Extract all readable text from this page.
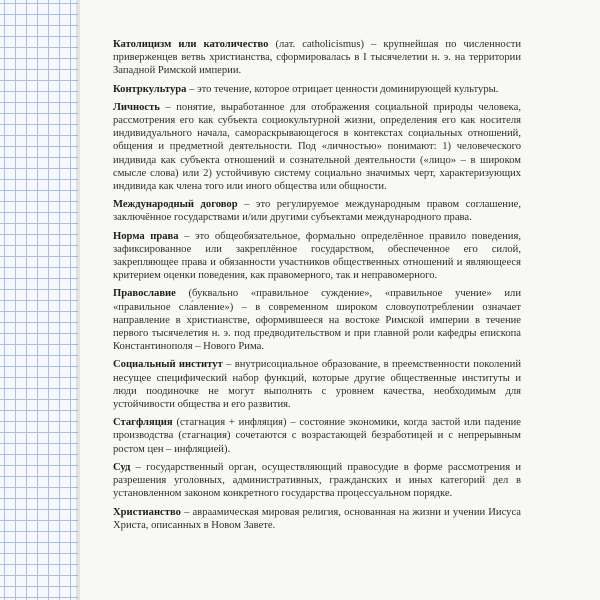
Католицизм или католичество (лат. catholicismus) – крупнейшая по численности приверженцев ветвь христианства, сформировалась в I тысячелетии н. э. на территории Западной Римской империи.

Контркультура – это течение, которое отрицает ценности доминирующей культуры.

Личность – понятие, выработанное для отображения социальной природы человека, рассмотрения его как субъекта социокультурной жизни, определения его как носителя индивидуального начала, самораскрывающегося в контекстах социальных отношений, общения и предметной деятельности. Под «личностью» понимают: 1) человеческого индивида как субъекта отношений и сознательной деятельности («лицо» – в широком смысле слова) или 2) устойчивую систему социально значимых черт, характеризующих индивида как члена того или иного общества или общности.

Международный договор – это регулируемое международным правом соглашение, заключённое государствами и/или другими субъектами международного права.

Норма права – это общеобязательное, формально определённое правило поведения, зафиксированное или закреплённое государством, обеспеченное его силой, закрепляющее права и обязанности участников общественных отношений и являющееся критерием оценки поведения, как правомерного, так и неправомерного.

Православие (буквально «правильное суждение», «правильное учение» или «правильное сла́вление») – в современном широком словоупотреблении означает направление в христианстве, оформившееся на востоке Римской империи в течение первого тысячелетия н. э. под предводительством и при главной роли кафедры епископа Константинополя – Нового Рима.

Социальный институт – внутрисоциальное образование, в преемственности поколений несущее специфический набор функций, которые другие общественные институты и люди поодиночке не могут выполнять с уровнем качества, необходимым для устойчивости общества и его развития.

Стагфляция (стагнация + инфляция) – состояние экономики, когда застой или падение производства (стагнация) сочетаются с возрастающей безработицей и с непрерывным ростом цен – инфляцией).

Суд – государственный орган, осуществляющий правосудие в форме рассмотрения и разрешения уголовных, административных, гражданских и иных категорий дел в установленном законом конкретного государства процессуальном порядке.

Христианство – авраамическая мировая религия, основанная на жизни и учении Иисуса Христа, описанных в Новом Завете.
